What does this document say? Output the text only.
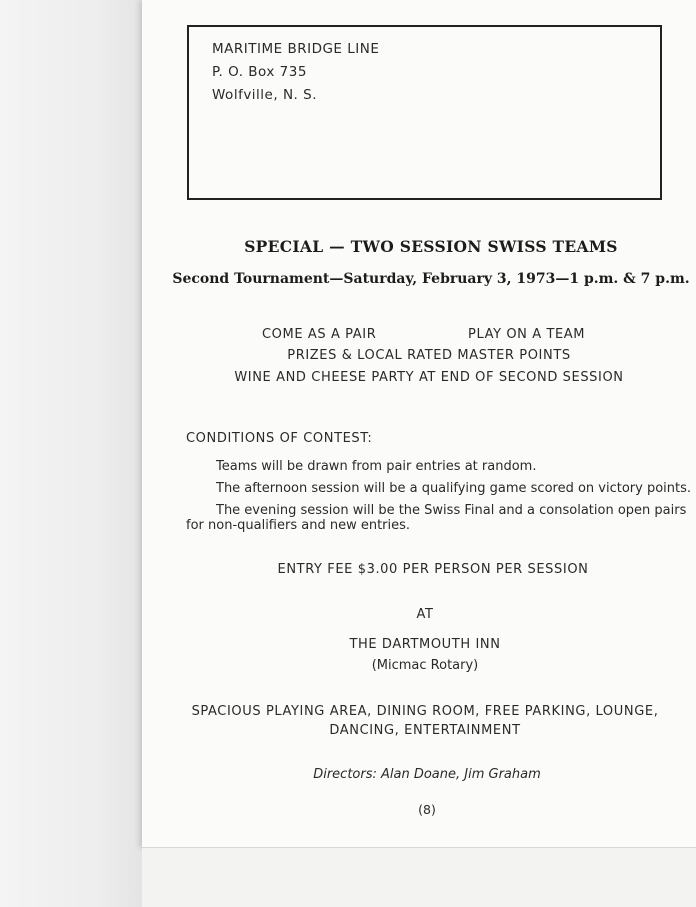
MARITIME BRIDGE LINE
P. O. Box 735
Wolfville, N. S.
SPECIAL — TWO SESSION SWISS TEAMS
Second Tournament—Saturday, February 3, 1973—1 p.m. & 7 p.m.
COME AS A PAIR	PLAY ON A TEAM
PRIZES & LOCAL RATED MASTER POINTS
WINE AND CHEESE PARTY AT END OF SECOND SESSION
CONDITIONS OF CONTEST:
Teams will be drawn from pair entries at random.
The afternoon session will be a qualifying game scored on victory points.
The evening session will be the Swiss Final and a consolation open pairs
for non-qualifiers and new entries.
ENTRY FEE $3.00 PER PERSON PER SESSION
AT
THE DARTMOUTH INN
(Micmac Rotary)
SPACIOUS PLAYING AREA, DINING ROOM, FREE PARKING, LOUNGE,
DANCING, ENTERTAINMENT
Directors: Alan Doane, Jim Graham
(8)
